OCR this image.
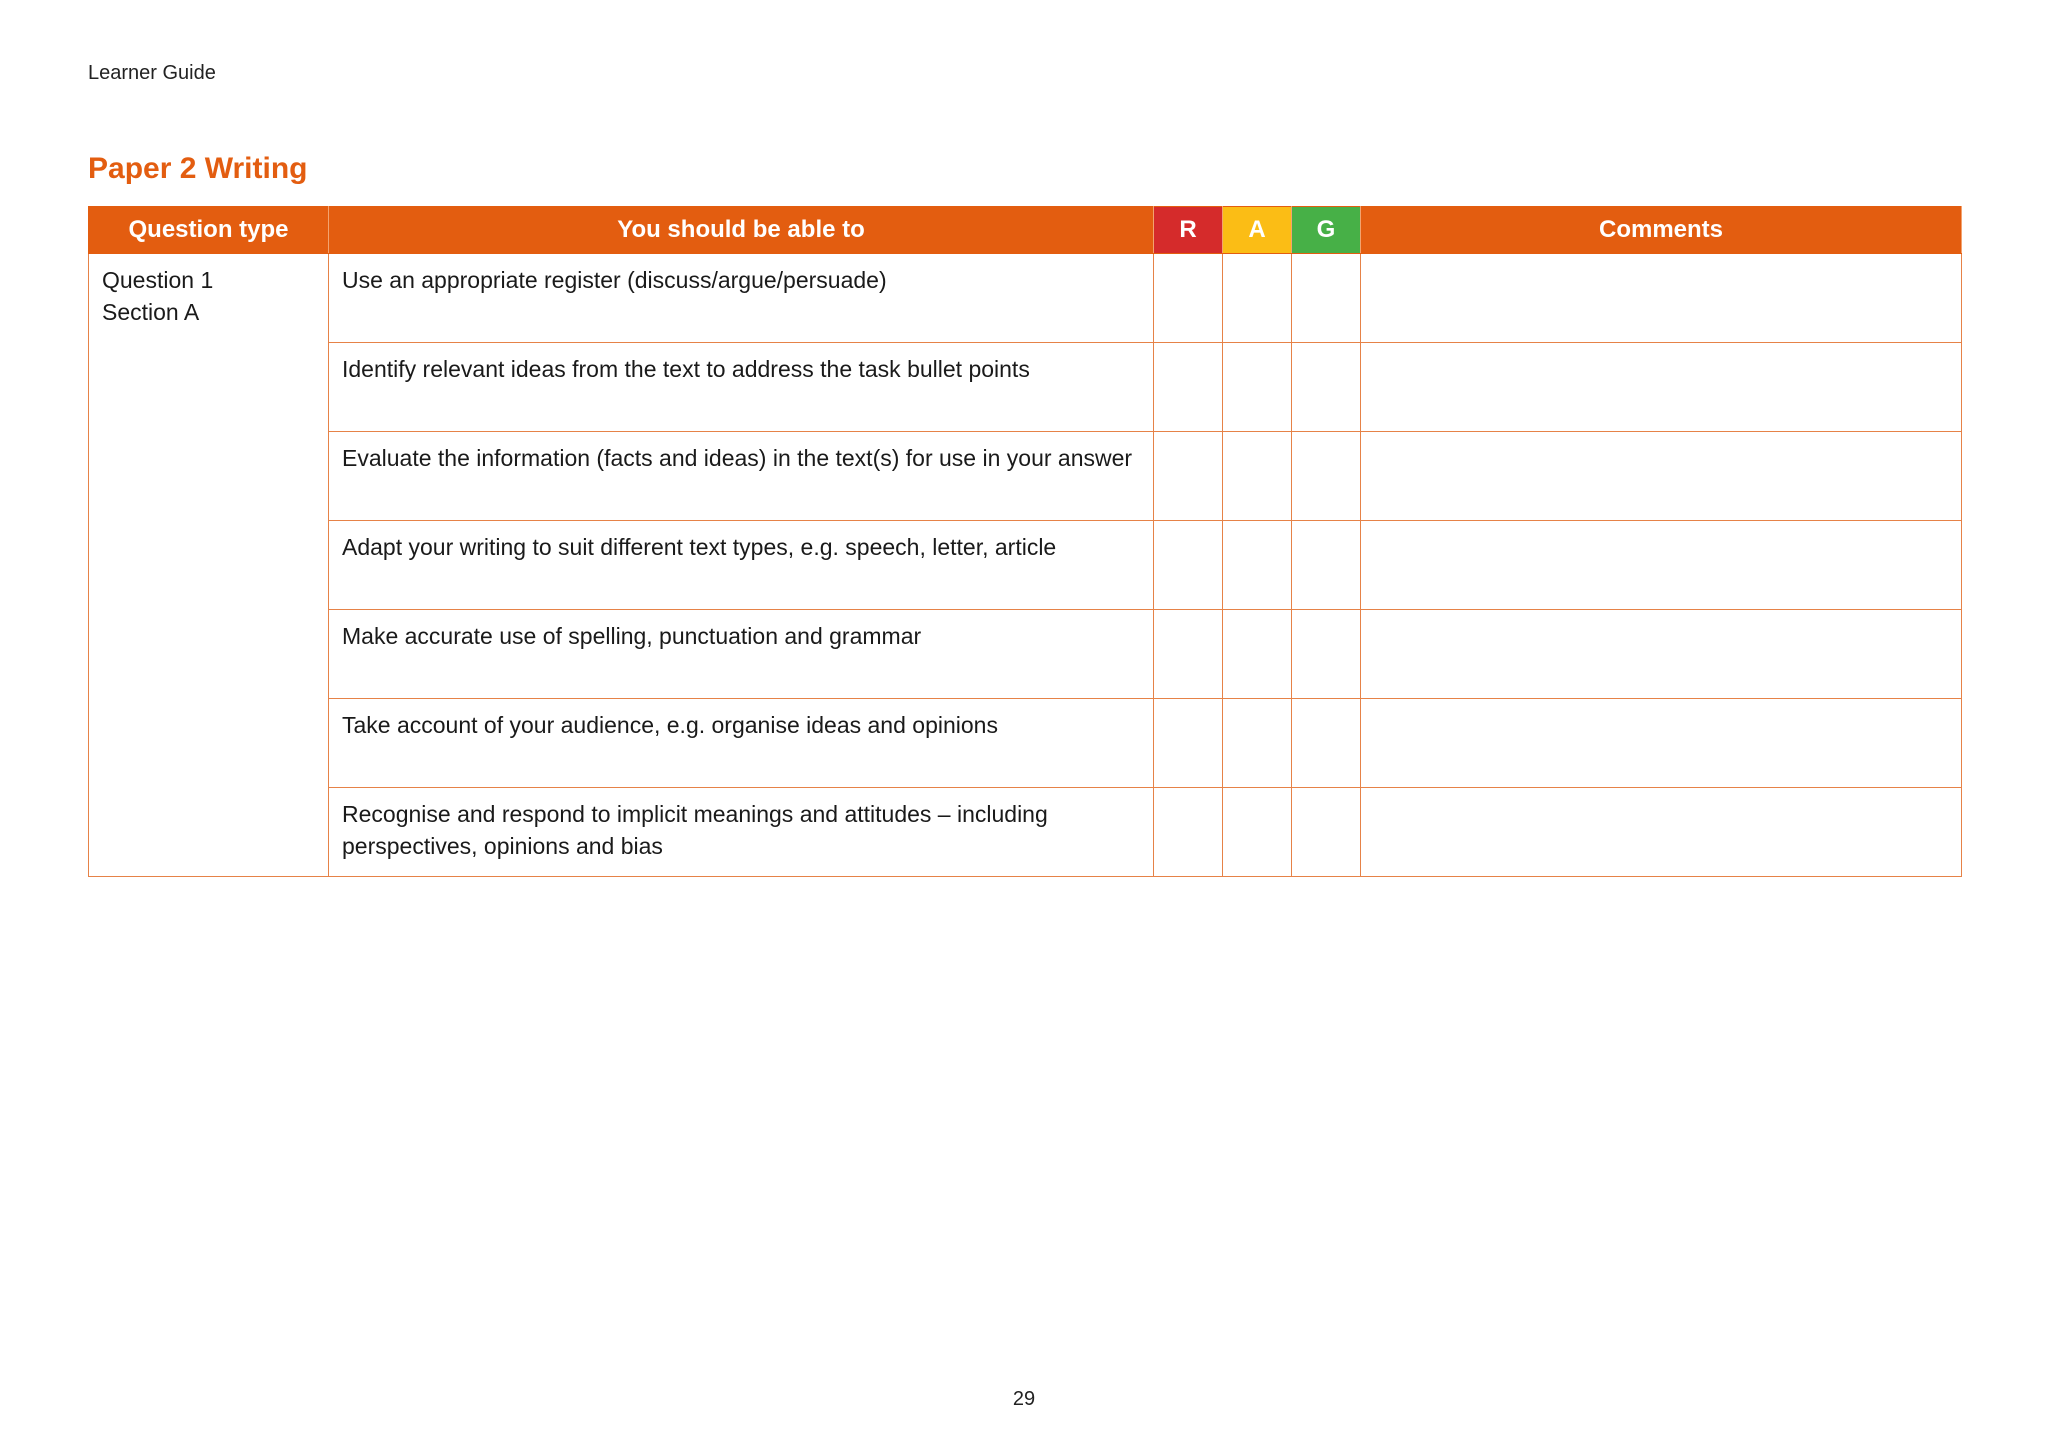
Learner Guide
Paper 2 Writing
Question type	You should be able to	R	A	G	Comments

Question 1
Section A	Use an appropriate register (discuss/argue/persuade)				
	Identify relevant ideas from the text to address the task bullet points				
	Evaluate the information (facts and ideas) in the text(s) for use in your answer				
	Adapt your writing to suit different text types, e.g. speech, letter, article				
	Make accurate use of spelling, punctuation and grammar				
	Take account of your audience, e.g. organise ideas and opinions				
	Recognise and respond to implicit meanings and attitudes – including perspectives, opinions and bias				
29
